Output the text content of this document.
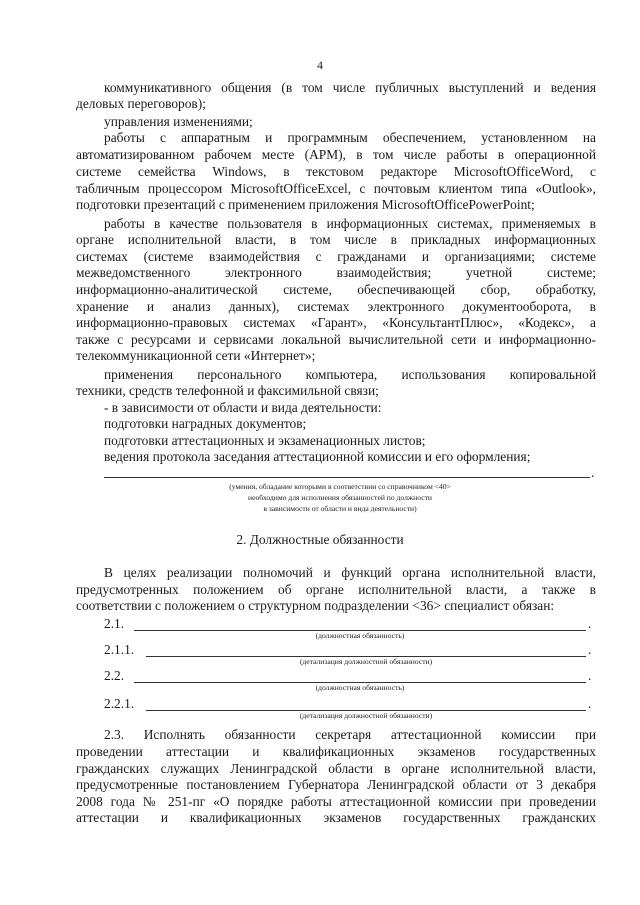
4
коммуникативного общения (в том числе публичных выступлений и ведения
деловых переговоров);
управления изменениями;
работы с аппаратным и программным обеспечением, установленном на
автоматизированном рабочем месте (АРМ), в том числе работы в операционной
системе семейства Windows, в текстовом редакторе MicrosoftOfficeWord, с
табличным процессором MicrosoftOfficeExcel, с почтовым клиентом типа «Outlook»,
подготовки презентаций с применением приложения MicrosoftOfficePowerPoint;
работы в качестве пользователя в информационных системах, применяемых в
органе исполнительной власти, в том числе в прикладных информационных
системах (системе взаимодействия с гражданами и организациями; системе
межведомственного электронного взаимодействия; учетной системе;
информационно-аналитической системе, обеспечивающей сбор, обработку,
хранение и анализ данных), системах электронного документооборота, в
информационно-правовых системах «Гарант», «КонсультантПлюс», «Кодекс», а
также с ресурсами и сервисами локальной вычислительной сети и информационно-
телекоммуникационной сети «Интернет»;
применения персонального компьютера, использования копировальной
техники, средств телефонной и факсимильной связи;
- в зависимости от области и вида деятельности:
подготовки наградных документов;
подготовки аттестационных и экзаменационных листов;
ведения протокола заседания аттестационной комиссии и его оформления;
.
(умения, обладание которыми в соответствии со справочником <40>
необходимо для исполнения обязанностей по должности
в зависимости от области и вида деятельности)
2. Должностные обязанности
В целях реализации полномочий и функций органа исполнительной власти,
предусмотренных положением об органе исполнительной власти, а также в
соответствии с положением о структурном подразделении <36> специалист обязан:
2.1.	.
(должностная обязанность)
2.1.1.	.
(детализация должностной обязанности)
2.2.	.
(должностная обязанность)
2.2.1.	.
(детализация должностной обязанности)
2.3. Исполнять обязанности секретаря аттестационной комиссии при
проведении аттестации и квалификационных экзаменов государственных
гражданских служащих Ленинградской области в органе исполнительной власти,
предусмотренные постановлением Губернатора Ленинградской области от 3 декабря
2008 года № 251-пг «О порядке работы аттестационной комиссии при проведении
аттестации и квалификационных экзаменов государственных гражданских
